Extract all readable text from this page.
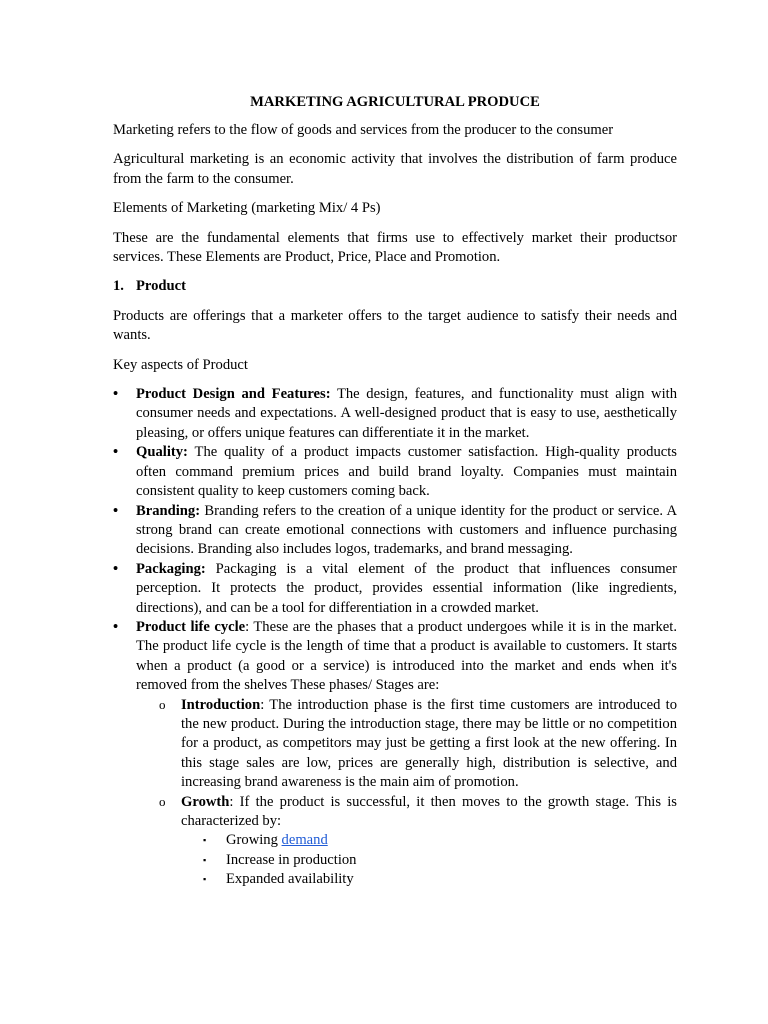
MARKETING AGRICULTURAL PRODUCE

Marketing refers to the flow of goods and services from the producer to the consumer

Agricultural marketing is an economic activity that involves the distribution of farm produce from the farm to the consumer.

Elements of Marketing (marketing Mix/ 4 Ps)

These are the fundamental elements that firms use to effectively market their productsor services. These Elements are Product, Price, Place and Promotion.

1. Product

Products are offerings that a marketer offers to the target audience to satisfy their needs and wants.

Key aspects of Product

• Product Design and Features: The design, features, and functionality must align with consumer needs and expectations. A well-designed product that is easy to use, aesthetically pleasing, or offers unique features can differentiate it in the market.
• Quality: The quality of a product impacts customer satisfaction. High-quality products often command premium prices and build brand loyalty. Companies must maintain consistent quality to keep customers coming back.
• Branding: Branding refers to the creation of a unique identity for the product or service. A strong brand can create emotional connections with customers and influence purchasing decisions. Branding also includes logos, trademarks, and brand messaging.
• Packaging: Packaging is a vital element of the product that influences consumer perception. It protects the product, provides essential information (like ingredients, directions), and can be a tool for differentiation in a crowded market.
• Product life cycle: These are the phases that a product undergoes while it is in the market. The product life cycle is the length of time that a product is available to customers. It starts when a product (a good or a service) is introduced into the market and ends when it's removed from the shelves These phases/ Stages are:
o Introduction: The introduction phase is the first time customers are introduced to the new product. During the introduction stage, there may be little or no competition for a product, as competitors may just be getting a first look at the new offering. In this stage sales are low, prices are generally high, distribution is selective, and increasing brand awareness is the main aim of promotion.
o Growth: If the product is successful, it then moves to the growth stage. This is characterized by:
▪ Growing demand
▪ Increase in production
▪ Expanded availability
